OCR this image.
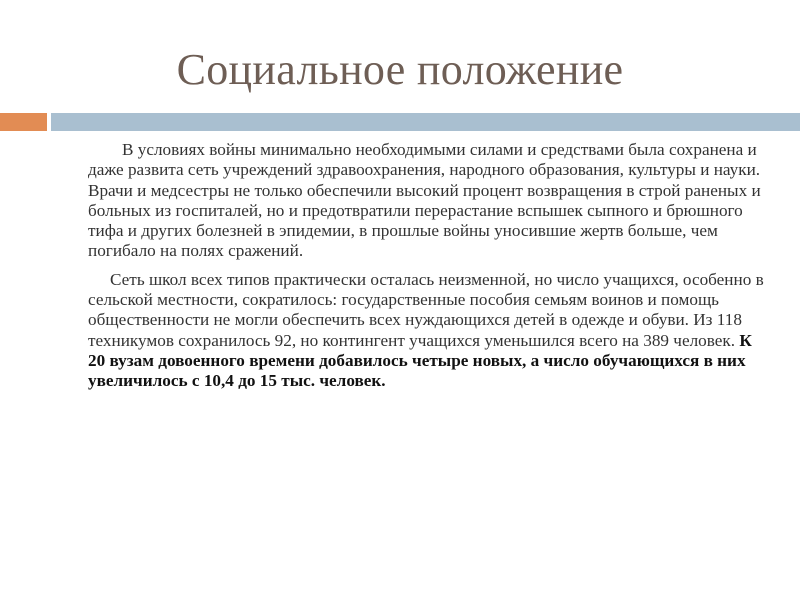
Социальное положение

В условиях войны минимально необходимыми силами и средствами была сохранена и даже развита сеть учреждений здравоохранения, народного образования, культуры и науки. Врачи и медсестры не только обеспечили высокий процент возвращения в строй раненых и больных из госпиталей, но и предотвратили перерастание вспышек сыпного и брюшного тифа и других болезней в эпидемии, в прошлые войны уносившие жертв больше, чем погибало на полях сражений.

Сеть школ всех типов практически осталась неизменной, но число учащихся, особенно в сельской местности, сократилось: государственные пособия семьям воинов и помощь общественности не могли обеспечить всех нуждающихся детей в одежде и обуви. Из 118 техникумов сохранилось 92, но контингент учащихся уменьшился всего на 389 человек. К 20 вузам довоенного времени добавилось четыре новых, а число обучающихся в них увеличилось с 10,4 до 15 тыс. человек.
